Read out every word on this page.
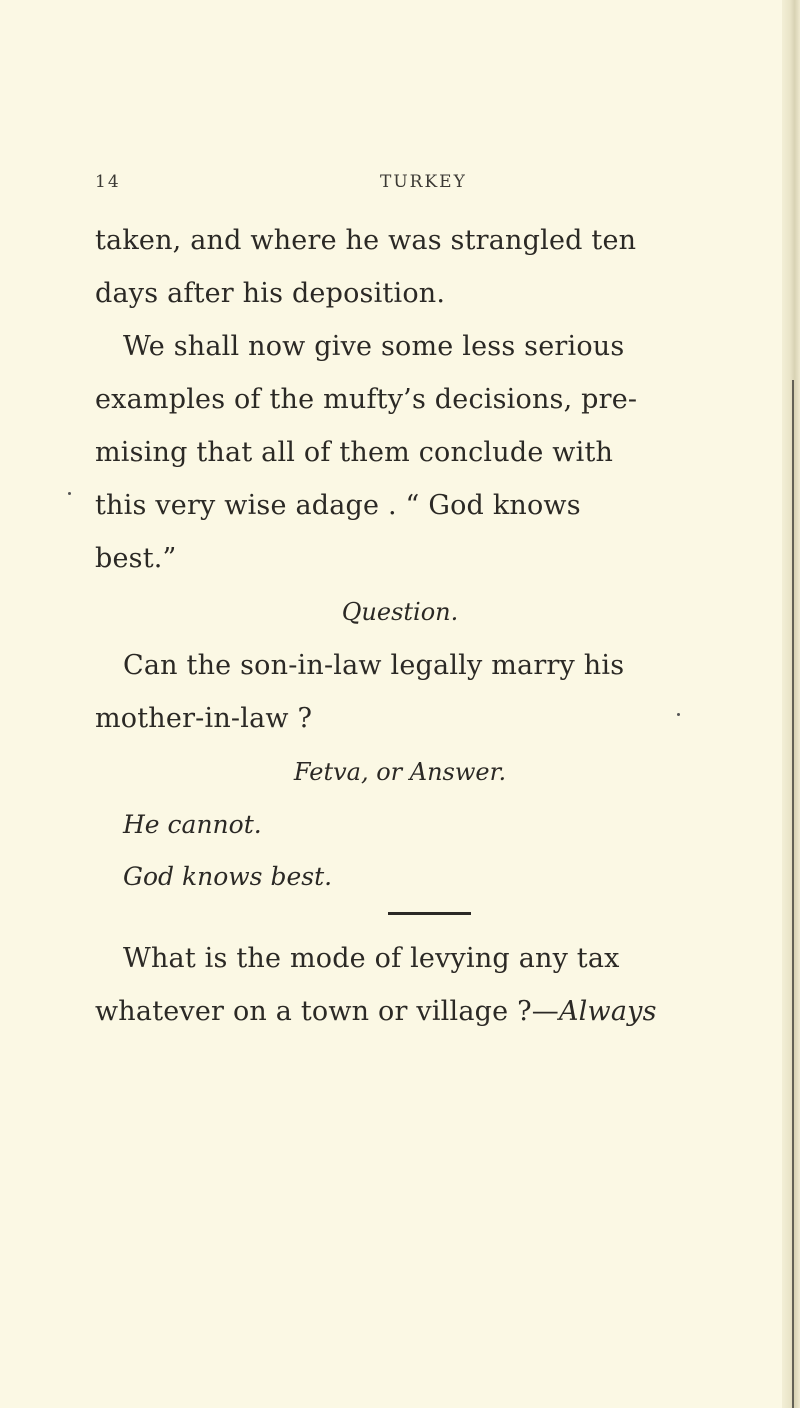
14	TURKEY
taken, and where he was strangled ten
days after his deposition.
We shall now give some less serious
examples of the mufty’s decisions, pre-
mising that all of them conclude with
this very wise adage . “ God knows
best.”
Question.
Can the son-in-law legally marry his
mother-in-law ?
Fetva, or Answer.
He cannot.
God knows best.
What is the mode of levying any tax
whatever on a town or village ?—Always
